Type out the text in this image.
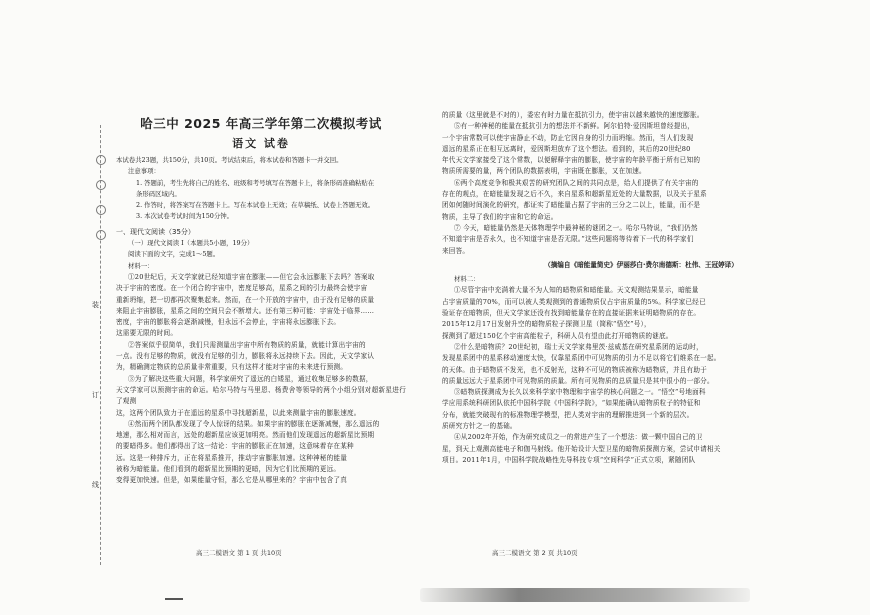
装
订
线
哈三中 2025 年高三学年第二次模拟考试
语文 试卷

本试卷共23题，共150分，共10页。考试结束后，将本试卷和答题卡一并交回。

注意事项：

1. 答题前，考生先将自己的姓名、班级和考号填写在答题卡上，将条形码准确粘贴在

条形码区域内。

2. 作答时，将答案写在答题卡上。写在本试卷上无效；在草稿纸、试卷上答题无效。

3. 本次试卷考试时间为150分钟。

一、现代文阅读（35分）

（一）现代文阅读 I（本题共5小题，19分）

阅读下面的文字，完成1～5题。

材料一：

①20世纪后，天文学家就已经知道宇宙在膨胀——但它会永远膨胀下去吗？答案取

决于宇宙的密度。在一个闭合的宇宙中，密度足够高，星系之间的引力最终会使宇宙

重新坍缩，把一切都再次聚集起来。然而，在一个开放的宇宙中，由于没有足够的质量

来阻止宇宙膨胀，星系之间的空间只会不断增大。还有第三种可能：宇宙处于临界……

密度，宇宙的膨胀将会逐渐减慢，但永远不会停止，宇宙将永远膨胀下去。

这需要无限的时间。

②答案似乎很简单，我们只需测量出宇宙中所有物质的质量，就能计算出宇宙的

一点。没有足够的物质，就没有足够的引力，膨胀将永远持续下去。因此，天文学家认

为，精确测定物质的总质量非常重要，只有这样才能对宇宙的未来进行预测。

③为了解决这些重大问题，科学家研究了遥远的白矮星，通过收集足够多的数据，

天文学家可以预测宇宙的命运。哈尔马特与马里恩、杨费舍等领导的两个小组分别对超新星进行了观测

这，这两个团队致力于在遥远的星系中寻找超新星，以此来测量宇宙的膨胀速度。

④然而两个团队都发现了令人惊讶的结果。如果宇宙的膨胀在逐渐减慢，那么遥远的

地速，那么相对而言，远处的超新星应该更加明亮。然而他们发现遥远的超新星比预期

的要暗得多。他们都得出了这一结论：宇宙的膨胀正在加速，这意味着存在某种

远。这是一种排斥力，正在将星系推开，推动宇宙膨胀加速。这种神秘的能量

被称为暗能量。他们看到的超新星比预期的更暗，因为它们比预期的更远。

变得更加快速。但是，如果能量守恒，那么它是从哪里来的？宇宙中包含了真

高三二模语文 第 1 页 共10页

的质量（这里就是不对的），委宏有时力量在抵抗引力，使宇宙以越来越快的速度膨胀。

⑤有一种神秘的能量在抵抗引力的想法并不新鲜。阿尔伯特·爱因斯坦曾经提出，

一个宇宙常数可以使宇宙静止不动，防止它因自身的引力而坍缩。然而，当人们发现

遥远的星系正在相互远离时，爱因斯坦放弃了这个想法。看到的，其后的20世纪80

年代天文学家接受了这个常数，以便解释宇宙的膨胀，使宇宙的年龄平衡于所有已知的

物质所需要的量，两个团队的数据表明，宇宙既在膨胀，又在加速。

⑥两个高度竞争和极其艰苦的研究团队之间的共同点是，给人们提供了有关宇宙的

存在的观点，在暗能量发现之后不久，来自星系和超新星近处的大量数据，以及关于星系

团如何随时间演化的研究，都证实了暗能量占据了宇宙的三分之二以上，能量，而不是

物质，主导了我们的宇宙和它的命运。

⑦ 今天，暗能量仍然是天体物理学中最神秘的谜团之一。哈尔马特说，“我们仍然

不知道宇宙是否永久，也不知道宇宙是否无限。”这些问题将等待着下一代的科学家们

来回答。

（摘编自《暗能量简史》伊丽莎白·费尔南德斯：杜伟、王冠婷译）

材料二：

①尽管宇宙中充满着大量不为人知的暗物质和暗能量。天文观测结果显示，暗能量

占宇宙质量的70%，而可以被人类观测到的普通物质仅占宇宙质量的5%。科学家已经已

验证存在暗物质，但天文学家还没有找到暗能量存在的直接证据来证明暗物质的存在。

2015年12月17日发射升空的暗物质粒子探测卫星（简称“悟空”号），

探测到了超过150亿个宇宙高能粒子，科研人员有望由此打开暗物质的谜底。

②什么是暗物质？20世纪初，瑞士天文学家弗里茨·兹威基在研究星系团的运动时，

发现星系团中的星系移动速度太快，仅靠星系团中可见物质的引力不足以将它们维系在一起。

的天体。由于暗物质不发光，也不反射光，这种不可见的物质被称为暗物质，并且有助于

的质量远远大于星系团中可见物质的质量。所有可见物质的总质量只是其中很小的一部分。

③暗物质探测成为长久以来科学家中物理和宇宙学的核心问题之一。“悟空”号地面科

学应用系统科研团队依托中国科学院《中国科学院》，“如果能确认暗物质粒子的特征和

分布，就能突破现有的标准物理学模型，把人类对宇宙的理解推进到一个新的层次。

质研究方针之一的基础。

④从2002年开始，作为研究成员之一的常进产生了一个想法：做一颗中国自己的卫

星，到天上观测高能电子和伽马射线。他开始设计大型卫星的暗物质探测方案，尝试申请相关

项目。2011年1月，中国科学院战略性先导科技专项“空间科学”正式立项，紧随团队

高三二模语文 第 2 页 共10页
